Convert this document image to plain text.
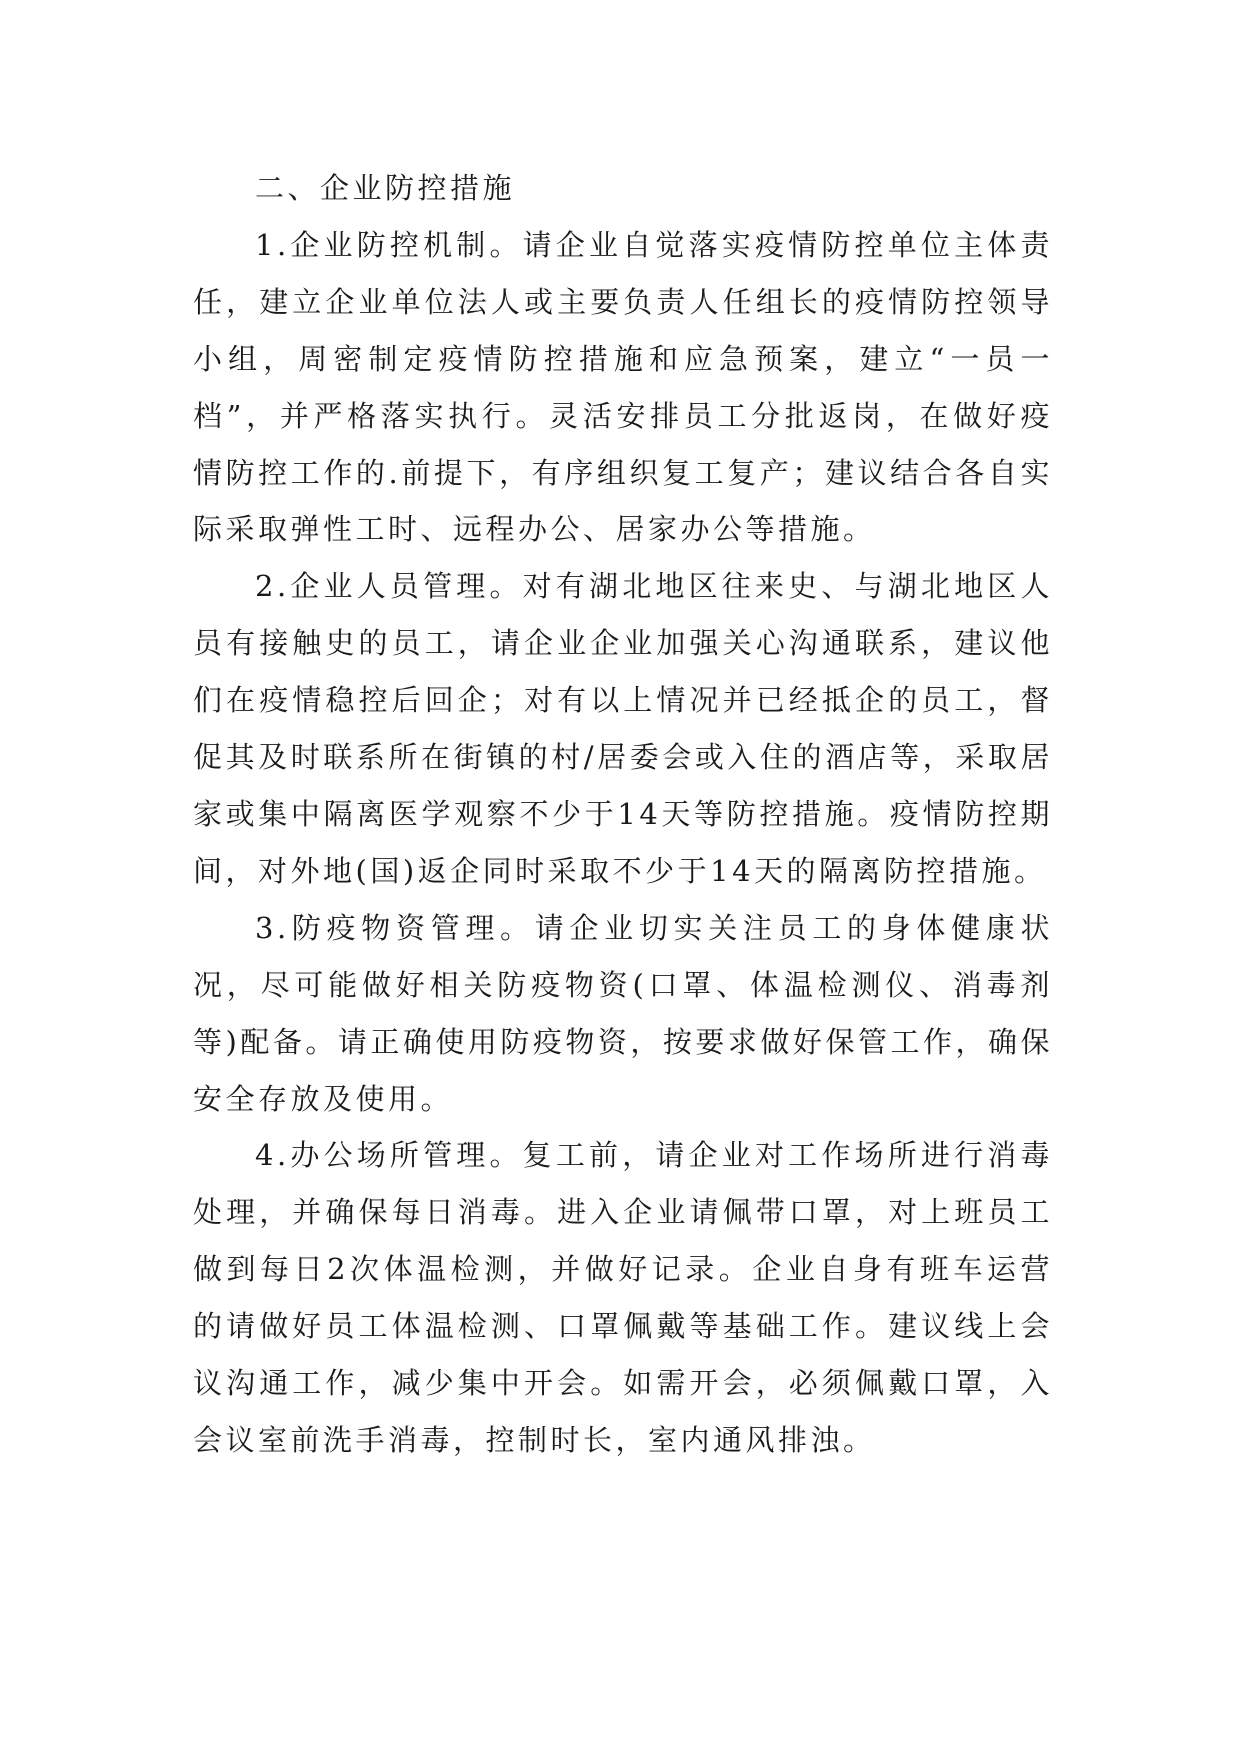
二、企业防控措施

1.企业防控机制。请企业自觉落实疫情防控单位主体责任，建立企业单位法人或主要负责人任组长的疫情防控领导小组，周密制定疫情防控措施和应急预案，建立“一员一档”，并严格落实执行。灵活安排员工分批返岗，在做好疫情防控工作的.前提下，有序组织复工复产；建议结合各自实际采取弹性工时、远程办公、居家办公等措施。

2.企业人员管理。对有湖北地区往来史、与湖北地区人员有接触史的员工，请企业企业加强关心沟通联系，建议他们在疫情稳控后回企；对有以上情况并已经抵企的员工，督促其及时联系所在街镇的村/居委会或入住的酒店等，采取居家或集中隔离医学观察不少于14天等防控措施。疫情防控期间，对外地(国)返企同时采取不少于14天的隔离防控措施。

3.防疫物资管理。请企业切实关注员工的身体健康状况，尽可能做好相关防疫物资(口罩、体温检测仪、消毒剂等)配备。请正确使用防疫物资，按要求做好保管工作，确保安全存放及使用。

4.办公场所管理。复工前，请企业对工作场所进行消毒处理，并确保每日消毒。进入企业请佩带口罩，对上班员工做到每日2次体温检测，并做好记录。企业自身有班车运营的请做好员工体温检测、口罩佩戴等基础工作。建议线上会议沟通工作，减少集中开会。如需开会，必须佩戴口罩，入会议室前洗手消毒，控制时长，室内通风排浊。
